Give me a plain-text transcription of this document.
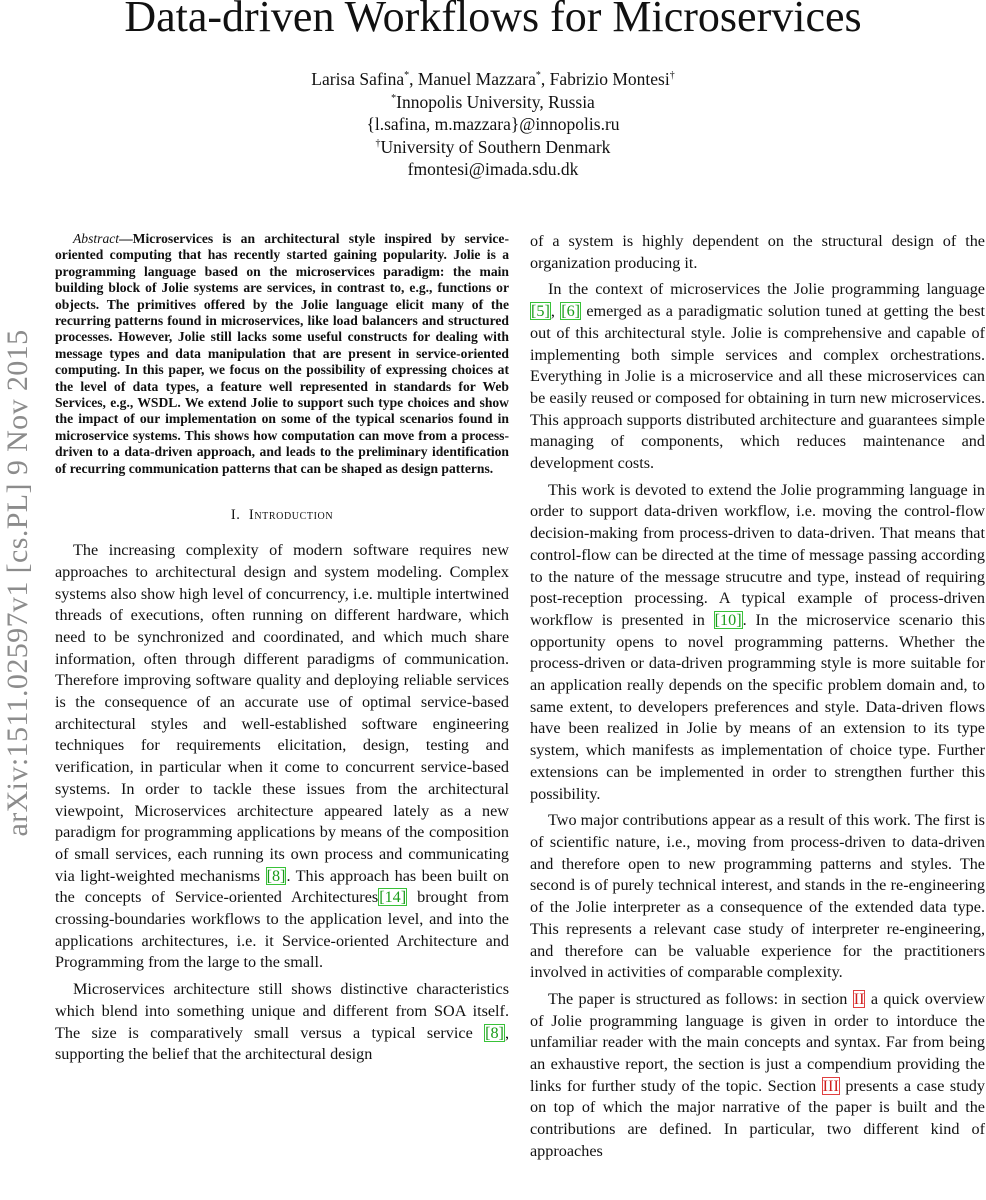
arXiv:1511.02597v1 [cs.PL] 9 Nov 2015
Data-driven Workflows for Microservices
Larisa Safina*, Manuel Mazzara*, Fabrizio Montesi†
*Innopolis University, Russia
{l.safina, m.mazzara}@innopolis.ru
†University of Southern Denmark
fmontesi@imada.sdu.dk

Abstract—Microservices is an architectural style inspired by service-oriented computing that has recently started gaining popularity. Jolie is a programming language based on the microservices paradigm: the main building block of Jolie systems are services, in contrast to, e.g., functions or objects. The primitives offered by the Jolie language elicit many of the recurring patterns found in microservices, like load balancers and structured processes. However, Jolie still lacks some useful constructs for dealing with message types and data manipulation that are present in service-oriented computing. In this paper, we focus on the possibility of expressing choices at the level of data types, a feature well represented in standards for Web Services, e.g., WSDL. We extend Jolie to support such type choices and show the impact of our implementation on some of the typical scenarios found in microservice systems. This shows how computation can move from a process-driven to a data-driven approach, and leads to the preliminary identification of recurring communication patterns that can be shaped as design patterns.

I. Introduction

The increasing complexity of modern software requires new approaches to architectural design and system modeling. Complex systems also show high level of concurrency, i.e. multiple intertwined threads of executions, often running on different hardware, which need to be synchronized and coordinated, and which much share information, often through different paradigms of communication. Therefore improving software quality and deploying reliable services is the consequence of an accurate use of optimal service-based architectural styles and well-established software engineering techniques for requirements elicitation, design, testing and verification, in particular when it come to concurrent service-based systems. In order to tackle these issues from the architectural viewpoint, Microservices architecture appeared lately as a new paradigm for programming applications by means of the composition of small services, each running its own process and communicating via light-weighted mechanisms [8]. This approach has been built on the concepts of Service-oriented Architectures[14] brought from crossing-boundaries workflows to the application level, and into the applications architectures, i.e. it Service-oriented Architecture and Programming from the large to the small.

Microservices architecture still shows distinctive characteristics which blend into something unique and different from SOA itself. The size is comparatively small versus a typical service [8], supporting the belief that the architectural design

of a system is highly dependent on the structural design of the organization producing it.

In the context of microservices the Jolie programming language [5], [6] emerged as a paradigmatic solution tuned at getting the best out of this architectural style. Jolie is comprehensive and capable of implementing both simple services and complex orchestrations. Everything in Jolie is a microservice and all these microservices can be easily reused or composed for obtaining in turn new microservices. This approach supports distributed architecture and guarantees simple managing of components, which reduces maintenance and development costs.

This work is devoted to extend the Jolie programming language in order to support data-driven workflow, i.e. moving the control-flow decision-making from process-driven to data-driven. That means that control-flow can be directed at the time of message passing according to the nature of the message strucutre and type, instead of requiring post-reception processing. A typical example of process-driven workflow is presented in [10]. In the microservice scenario this opportunity opens to novel programming patterns. Whether the process-driven or data-driven programming style is more suitable for an application really depends on the specific problem domain and, to same extent, to developers preferences and style. Data-driven flows have been realized in Jolie by means of an extension to its type system, which manifests as implementation of choice type. Further extensions can be implemented in order to strengthen further this possibility.

Two major contributions appear as a result of this work. The first is of scientific nature, i.e., moving from process-driven to data-driven and therefore open to new programming patterns and styles. The second is of purely technical interest, and stands in the re-engineering of the Jolie interpreter as a consequence of the extended data type. This represents a relevant case study of interpreter re-engineering, and therefore can be valuable experience for the practitioners involved in activities of comparable complexity.

The paper is structured as follows: in section II a quick overview of Jolie programming language is given in order to intorduce the unfamiliar reader with the main concepts and syntax. Far from being an exhaustive report, the section is just a compendium providing the links for further study of the topic. Section III presents a case study on top of which the major narrative of the paper is built and the contributions are defined. In particular, two different kind of approaches
